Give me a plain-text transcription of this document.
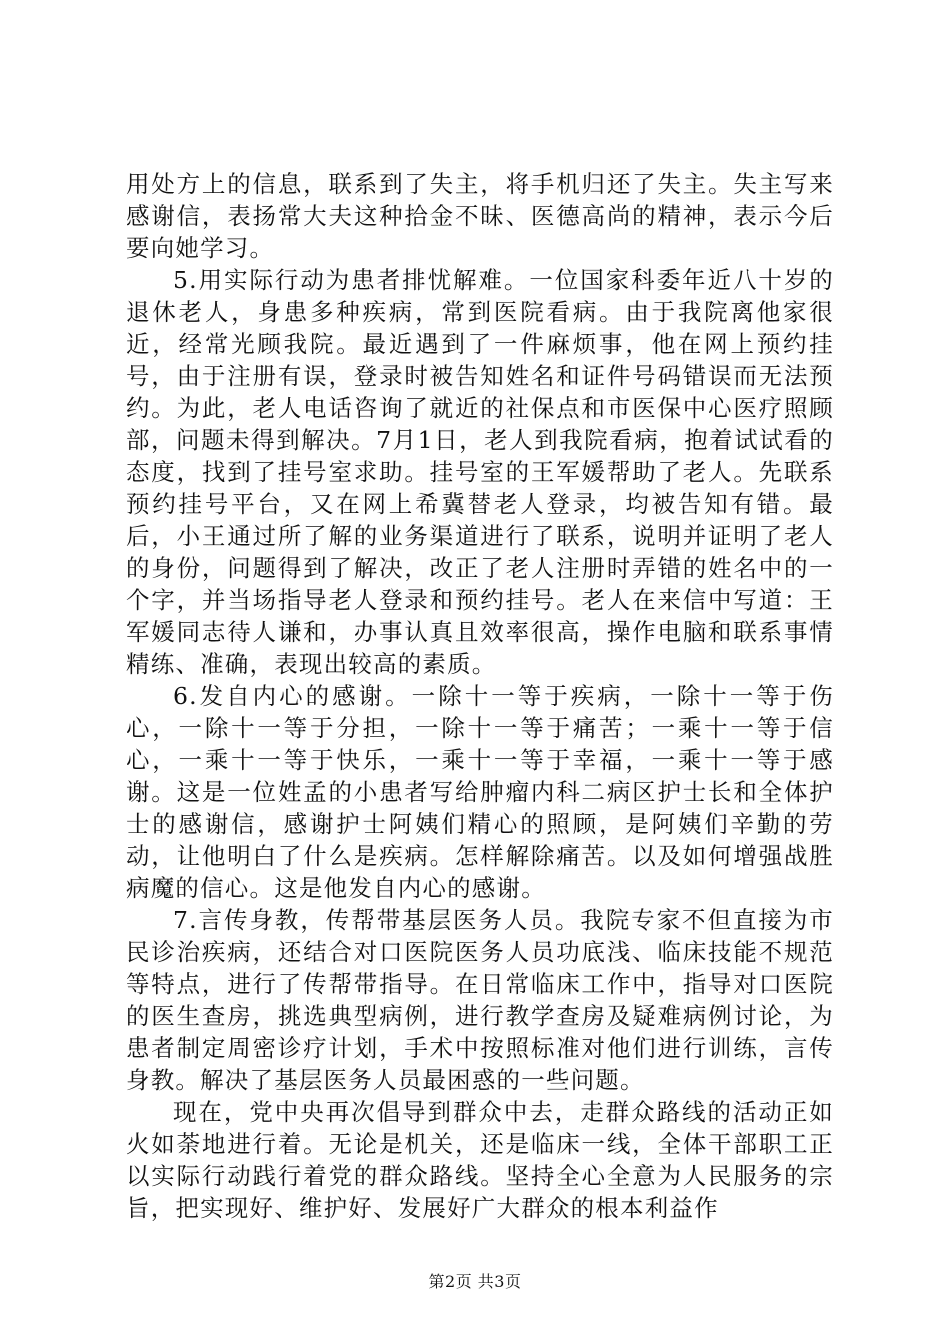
用处方上的信息，联系到了失主，将手机归还了失主。失主写来感谢信，表扬常大夫这种拾金不昧、医德高尚的精神，表示今后要向她学习。

5.用实际行动为患者排忧解难。一位国家科委年近八十岁的退休老人，身患多种疾病，常到医院看病。由于我院离他家很近，经常光顾我院。最近遇到了一件麻烦事，他在网上预约挂号，由于注册有误，登录时被告知姓名和证件号码错误而无法预约。为此，老人电话咨询了就近的社保点和市医保中心医疗照顾部，问题未得到解决。7月1日，老人到我院看病，抱着试试看的态度，找到了挂号室求助。挂号室的王军媛帮助了老人。先联系预约挂号平台，又在网上希冀替老人登录，均被告知有错。最后，小王通过所了解的业务渠道进行了联系，说明并证明了老人的身份，问题得到了解决，改正了老人注册时弄错的姓名中的一个字，并当场指导老人登录和预约挂号。老人在来信中写道：王军媛同志待人谦和，办事认真且效率很高，操作电脑和联系事情精练、准确，表现出较高的素质。

6.发自内心的感谢。一除十一等于疾病，一除十一等于伤心，一除十一等于分担，一除十一等于痛苦；一乘十一等于信心，一乘十一等于快乐，一乘十一等于幸福，一乘十一等于感谢。这是一位姓孟的小患者写给肿瘤内科二病区护士长和全体护士的感谢信，感谢护士阿姨们精心的照顾，是阿姨们辛勤的劳动，让他明白了什么是疾病。怎样解除痛苦。以及如何增强战胜病魔的信心。这是他发自内心的感谢。

7.言传身教，传帮带基层医务人员。我院专家不但直接为市民诊治疾病，还结合对口医院医务人员功底浅、临床技能不规范等特点，进行了传帮带指导。在日常临床工作中，指导对口医院的医生查房，挑选典型病例，进行教学查房及疑难病例讨论，为患者制定周密诊疗计划，手术中按照标准对他们进行训练，言传身教。解决了基层医务人员最困惑的一些问题。

现在，党中央再次倡导到群众中去，走群众路线的活动正如火如荼地进行着。无论是机关，还是临床一线，全体干部职工正以实际行动践行着党的群众路线。坚持全心全意为人民服务的宗旨，把实现好、维护好、发展好广大群众的根本利益作

第2页 共3页
